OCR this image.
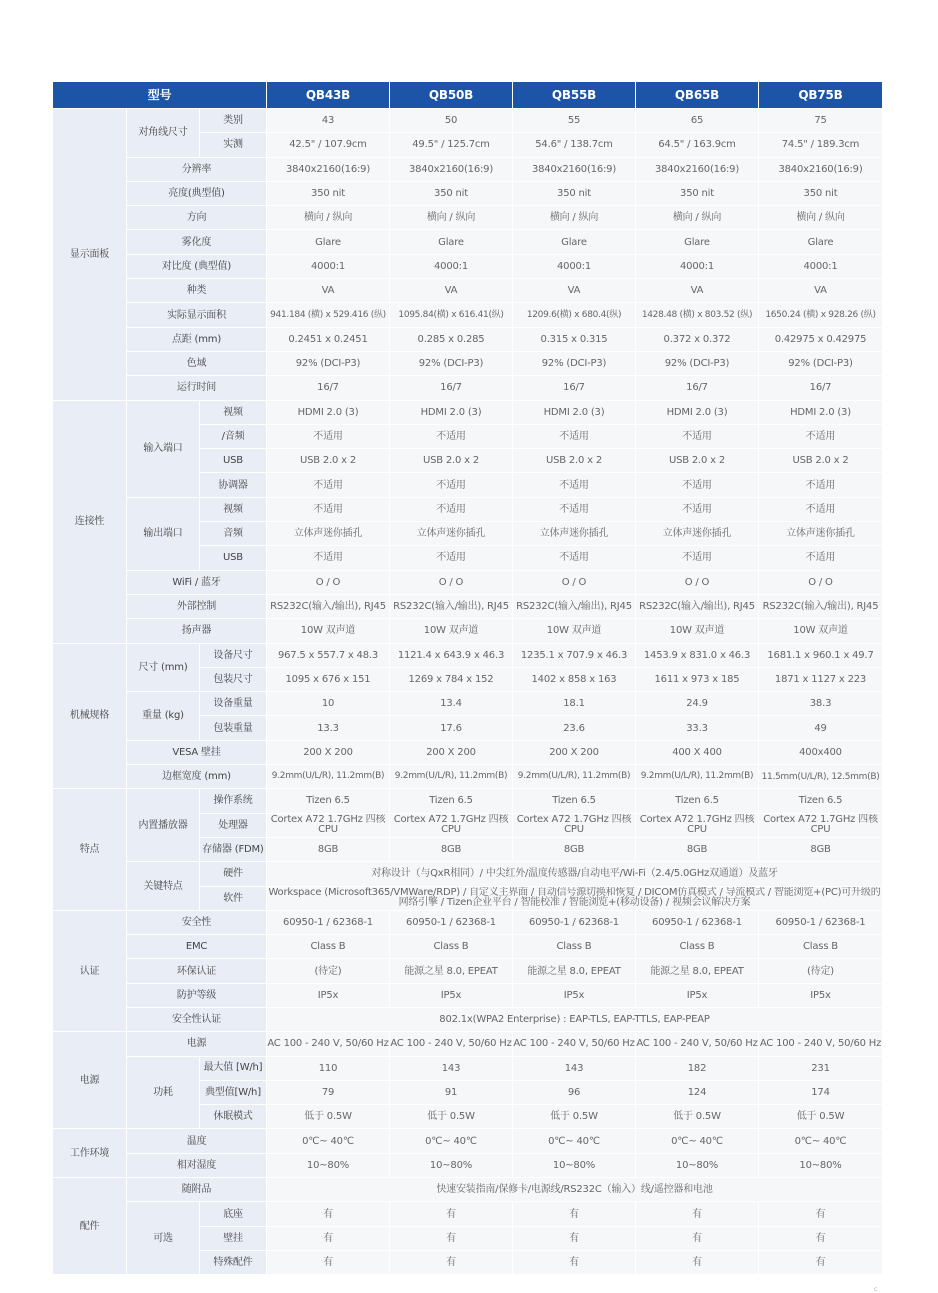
型号			QB43B	QB50B	QB55B	QB65B	QB75B
显示面板	对角线尺寸	类别	43	50	55	65	75
		实测	42.5" / 107.9cm	49.5" / 125.7cm	54.6" / 138.7cm	64.5" / 163.9cm	74.5" / 189.3cm
	分辨率		3840x2160(16:9)	3840x2160(16:9)	3840x2160(16:9)	3840x2160(16:9)	3840x2160(16:9)
	亮度(典型值)		350 nit	350 nit	350 nit	350 nit	350 nit
	方向		横向 / 纵向	横向 / 纵向	横向 / 纵向	横向 / 纵向	横向 / 纵向
	雾化度		Glare	Glare	Glare	Glare	Glare
	对比度 (典型值)		4000:1	4000:1	4000:1	4000:1	4000:1
	种类		VA	VA	VA	VA	VA
	实际显示面积		941.184 (横) x 529.416 (纵)	1095.84(横) x 616.41(纵)	1209.6(横) x 680.4(纵)	1428.48 (横) x 803.52 (纵)	1650.24 (横) x 928.26 (纵)
	点距 (mm)		0.2451 x 0.2451	0.285 x 0.285	0.315 x 0.315	0.372 x 0.372	0.42975 x 0.42975
	色域		92% (DCI-P3)	92% (DCI-P3)	92% (DCI-P3)	92% (DCI-P3)	92% (DCI-P3)
	运行时间		16/7	16/7	16/7	16/7	16/7
连接性	输入端口	视频	HDMI 2.0 (3)	HDMI 2.0 (3)	HDMI 2.0 (3)	HDMI 2.0 (3)	HDMI 2.0 (3)
		/音频	不适用	不适用	不适用	不适用	不适用
		USB	USB 2.0 x 2	USB 2.0 x 2	USB 2.0 x 2	USB 2.0 x 2	USB 2.0 x 2
		协调器	不适用	不适用	不适用	不适用	不适用
	输出端口	视频	不适用	不适用	不适用	不适用	不适用
		音频	立体声迷你插孔	立体声迷你插孔	立体声迷你插孔	立体声迷你插孔	立体声迷你插孔
		USB	不适用	不适用	不适用	不适用	不适用
	WiFi / 蓝牙		O / O	O / O	O / O	O / O	O / O
	外部控制		RS232C(输入/输出), RJ45	RS232C(输入/输出), RJ45	RS232C(输入/输出), RJ45	RS232C(输入/输出), RJ45	RS232C(输入/输出), RJ45
	扬声器		10W 双声道	10W 双声道	10W 双声道	10W 双声道	10W 双声道
机械规格	尺寸 (mm)	设备尺寸	967.5 x 557.7 x 48.3	1121.4 x 643.9 x 46.3	1235.1 x 707.9 x 46.3	1453.9 x 831.0 x 46.3	1681.1 x 960.1 x 49.7
		包装尺寸	1095 x 676 x 151	1269 x 784 x 152	1402 x 858 x 163	1611 x 973 x 185	1871 x 1127 x 223
	重量 (kg)	设备重量	10	13.4	18.1	24.9	38.3
		包装重量	13.3	17.6	23.6	33.3	49
	VESA 壁挂		200 X 200	200 X 200	200 X 200	400 X 400	400x400
	边框宽度 (mm)		9.2mm(U/L/R), 11.2mm(B)	9.2mm(U/L/R), 11.2mm(B)	9.2mm(U/L/R), 11.2mm(B)	9.2mm(U/L/R), 11.2mm(B)	11.5mm(U/L/R), 12.5mm(B)
特点	内置播放器	操作系统	Tizen 6.5	Tizen 6.5	Tizen 6.5	Tizen 6.5	Tizen 6.5
		处理器	Cortex A72 1.7GHz 四核 CPU	Cortex A72 1.7GHz 四核 CPU	Cortex A72 1.7GHz 四核 CPU	Cortex A72 1.7GHz 四核 CPU	Cortex A72 1.7GHz 四核 CPU
		存储器 (FDM)	8GB	8GB	8GB	8GB	8GB
	关键特点	硬件	对称设计（与QxR相同）/ 中尖红外/温度传感器/自动电平/Wi-Fi（2.4/5.0GHz双通道）及蓝牙				
		软件	Workspace (Microsoft365/VMWare/RDP) / 自定义主界面 / 自动信号源切换和恢复 / DICOM仿真模式 / 导流模式 / 智能浏览+(PC)可升级的网络引擎 / Tizen企业平台 / 智能校准 / 智能浏览+(移动设备) / 视频会议解决方案				
认证	安全性		60950-1 / 62368-1	60950-1 / 62368-1	60950-1 / 62368-1	60950-1 / 62368-1	60950-1 / 62368-1
	EMC		Class B	Class B	Class B	Class B	Class B
	环保认证		(待定)	能源之星 8.0, EPEAT	能源之星 8.0, EPEAT	能源之星 8.0, EPEAT	(待定)
	防护等级		IP5x	IP5x	IP5x	IP5x	IP5x
	安全性认证		802.1x(WPA2 Enterprise) : EAP-TLS, EAP-TTLS, EAP-PEAP				
电源	电源		AC 100 - 240 V, 50/60 Hz	AC 100 - 240 V, 50/60 Hz	AC 100 - 240 V, 50/60 Hz	AC 100 - 240 V, 50/60 Hz	AC 100 - 240 V, 50/60 Hz
	功耗	最大值 [W/h]	110	143	143	182	231
		典型值[W/h]	79	91	96	124	174
		休眠模式	低于 0.5W	低于 0.5W	低于 0.5W	低于 0.5W	低于 0.5W
工作环境	温度		0℃~ 40℃	0℃~ 40℃	0℃~ 40℃	0℃~ 40℃	0℃~ 40℃
	相对湿度		10~80%	10~80%	10~80%	10~80%	10~80%
配件	随附品		快速安装指南/保修卡/电源线/RS232C（输入）线/遥控器和电池				
	可选	底座	有	有	有	有	有
		壁挂	有	有	有	有	有
		特殊配件	有	有	有	有	有
c
